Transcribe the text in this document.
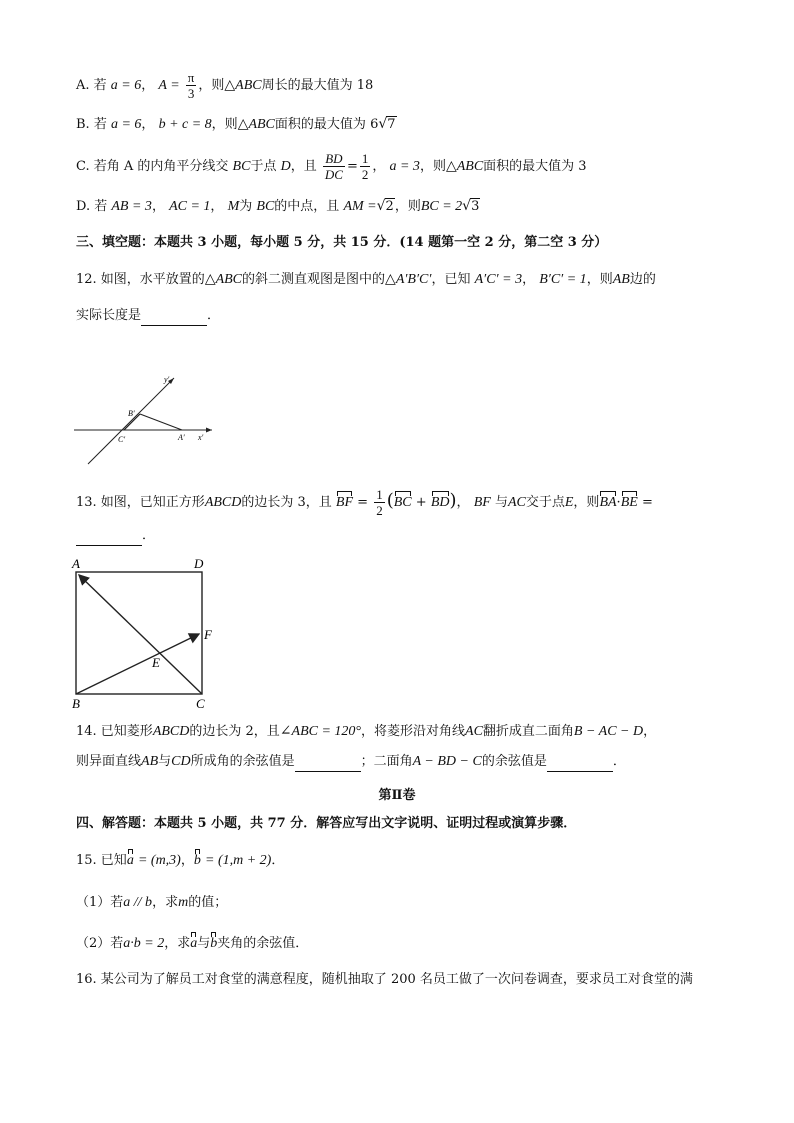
A. 若 a = 6， $A = \frac{\pi}{3}$ ，则△ABC周长的最大值为 18
B. 若 a = 6， b + c = 8，则△ABC面积的最大值为 6√7
C. 若角 A 的内角平分线交 BC于点 D，且 $\frac{BD}{DC} = \frac{1}{2}$ ， a = 3，则△ABC面积的最大值为 3
D. 若 AB = 3， AC = 1， M为 BC的中点，且 AM =√2，则BC = 2√3
三、填空题：本题共 3 小题，每小题 5 分，共 15 分．(14 题第一空 2 分，第二空 3 分）
12. 如图，水平放置的△ABC的斜二测直观图是图中的△A′B′C′，已知 A′C′ = 3， B′C′ = 1，则AB边的
实际长度是	．
y′
B′
C′	A′ x′
13. 如图，已知正方形ABCD的边长为 3，且 BF = $\frac{1}{2} (BC + BD)$， BF 与AC交于点E，则BA·BE =
．
A	D
F
E
B	C
14. 已知菱形ABCD的边长为 2，且∠ABC = 120°，将菱形沿对角线AC翻折成直二面角B − AC − D，
则异面直线AB与CD所成角的余弦值是	；二面角A − BD − C的余弦值是	．
第Ⅱ卷
四、解答题：本题共 5 小题，共 77 分．解答应写出文字说明、证明过程或演算步骤．
15. 已知a = (m,3)，b = (1,m + 2)．
（1）若a // b，求m的值；
（2）若a·b = 2，求a与b夹角的余弦值．
16. 某公司为了解员工对食堂的满意程度，随机抽取了 200 名员工做了一次问卷调查，要求员工对食堂的满
